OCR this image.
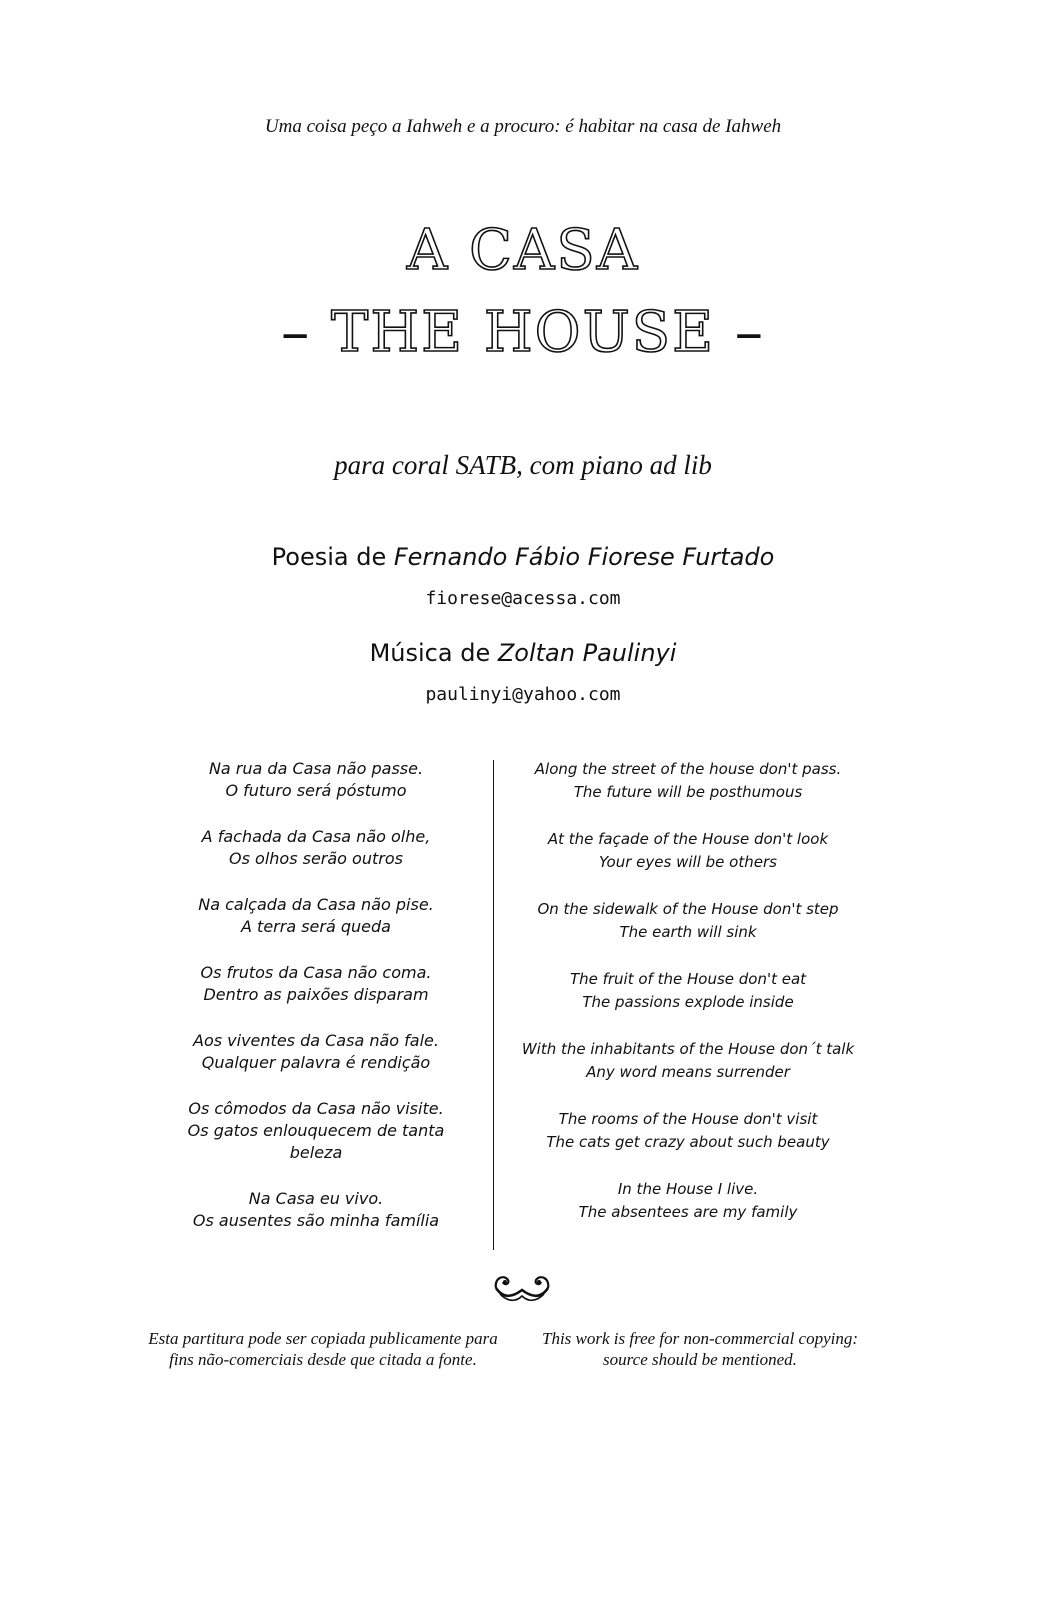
Uma coisa peço a Iahweh e a procuro: é habitar na casa de Iahweh
A CASA
– THE HOUSE –
para coral SATB, com piano ad lib
Poesia de Fernando Fábio Fiorese Furtado
fiorese@acessa.com
Música de Zoltan Paulinyi
paulinyi@yahoo.com
Na rua da Casa não passe.
O futuro será póstumo
A fachada da Casa não olhe,
Os olhos serão outros
Na calçada da Casa não pise.
A terra será queda
Os frutos da Casa não coma.
Dentro as paixões disparam
Aos viventes da Casa não fale.
Qualquer palavra é rendição
Os cômodos da Casa não visite.
Os gatos enlouquecem de tanta
beleza
Na Casa eu vivo.
Os ausentes são minha família
Along the street of the house don't pass.
The future will be posthumous
At the façade of the House don't look
Your eyes will be others
On the sidewalk of the House don't step
The earth will sink
The fruit of the House don't eat
The passions explode inside
With the inhabitants of the House don´t talk
Any word means surrender
The rooms of the House don't visit
The cats get crazy about such beauty
In the House I live.
The absentees are my family
Esta partitura pode ser copiada publicamente para fins não-comerciais desde que citada a fonte.
This work is free for non-commercial copying: source should be mentioned.
